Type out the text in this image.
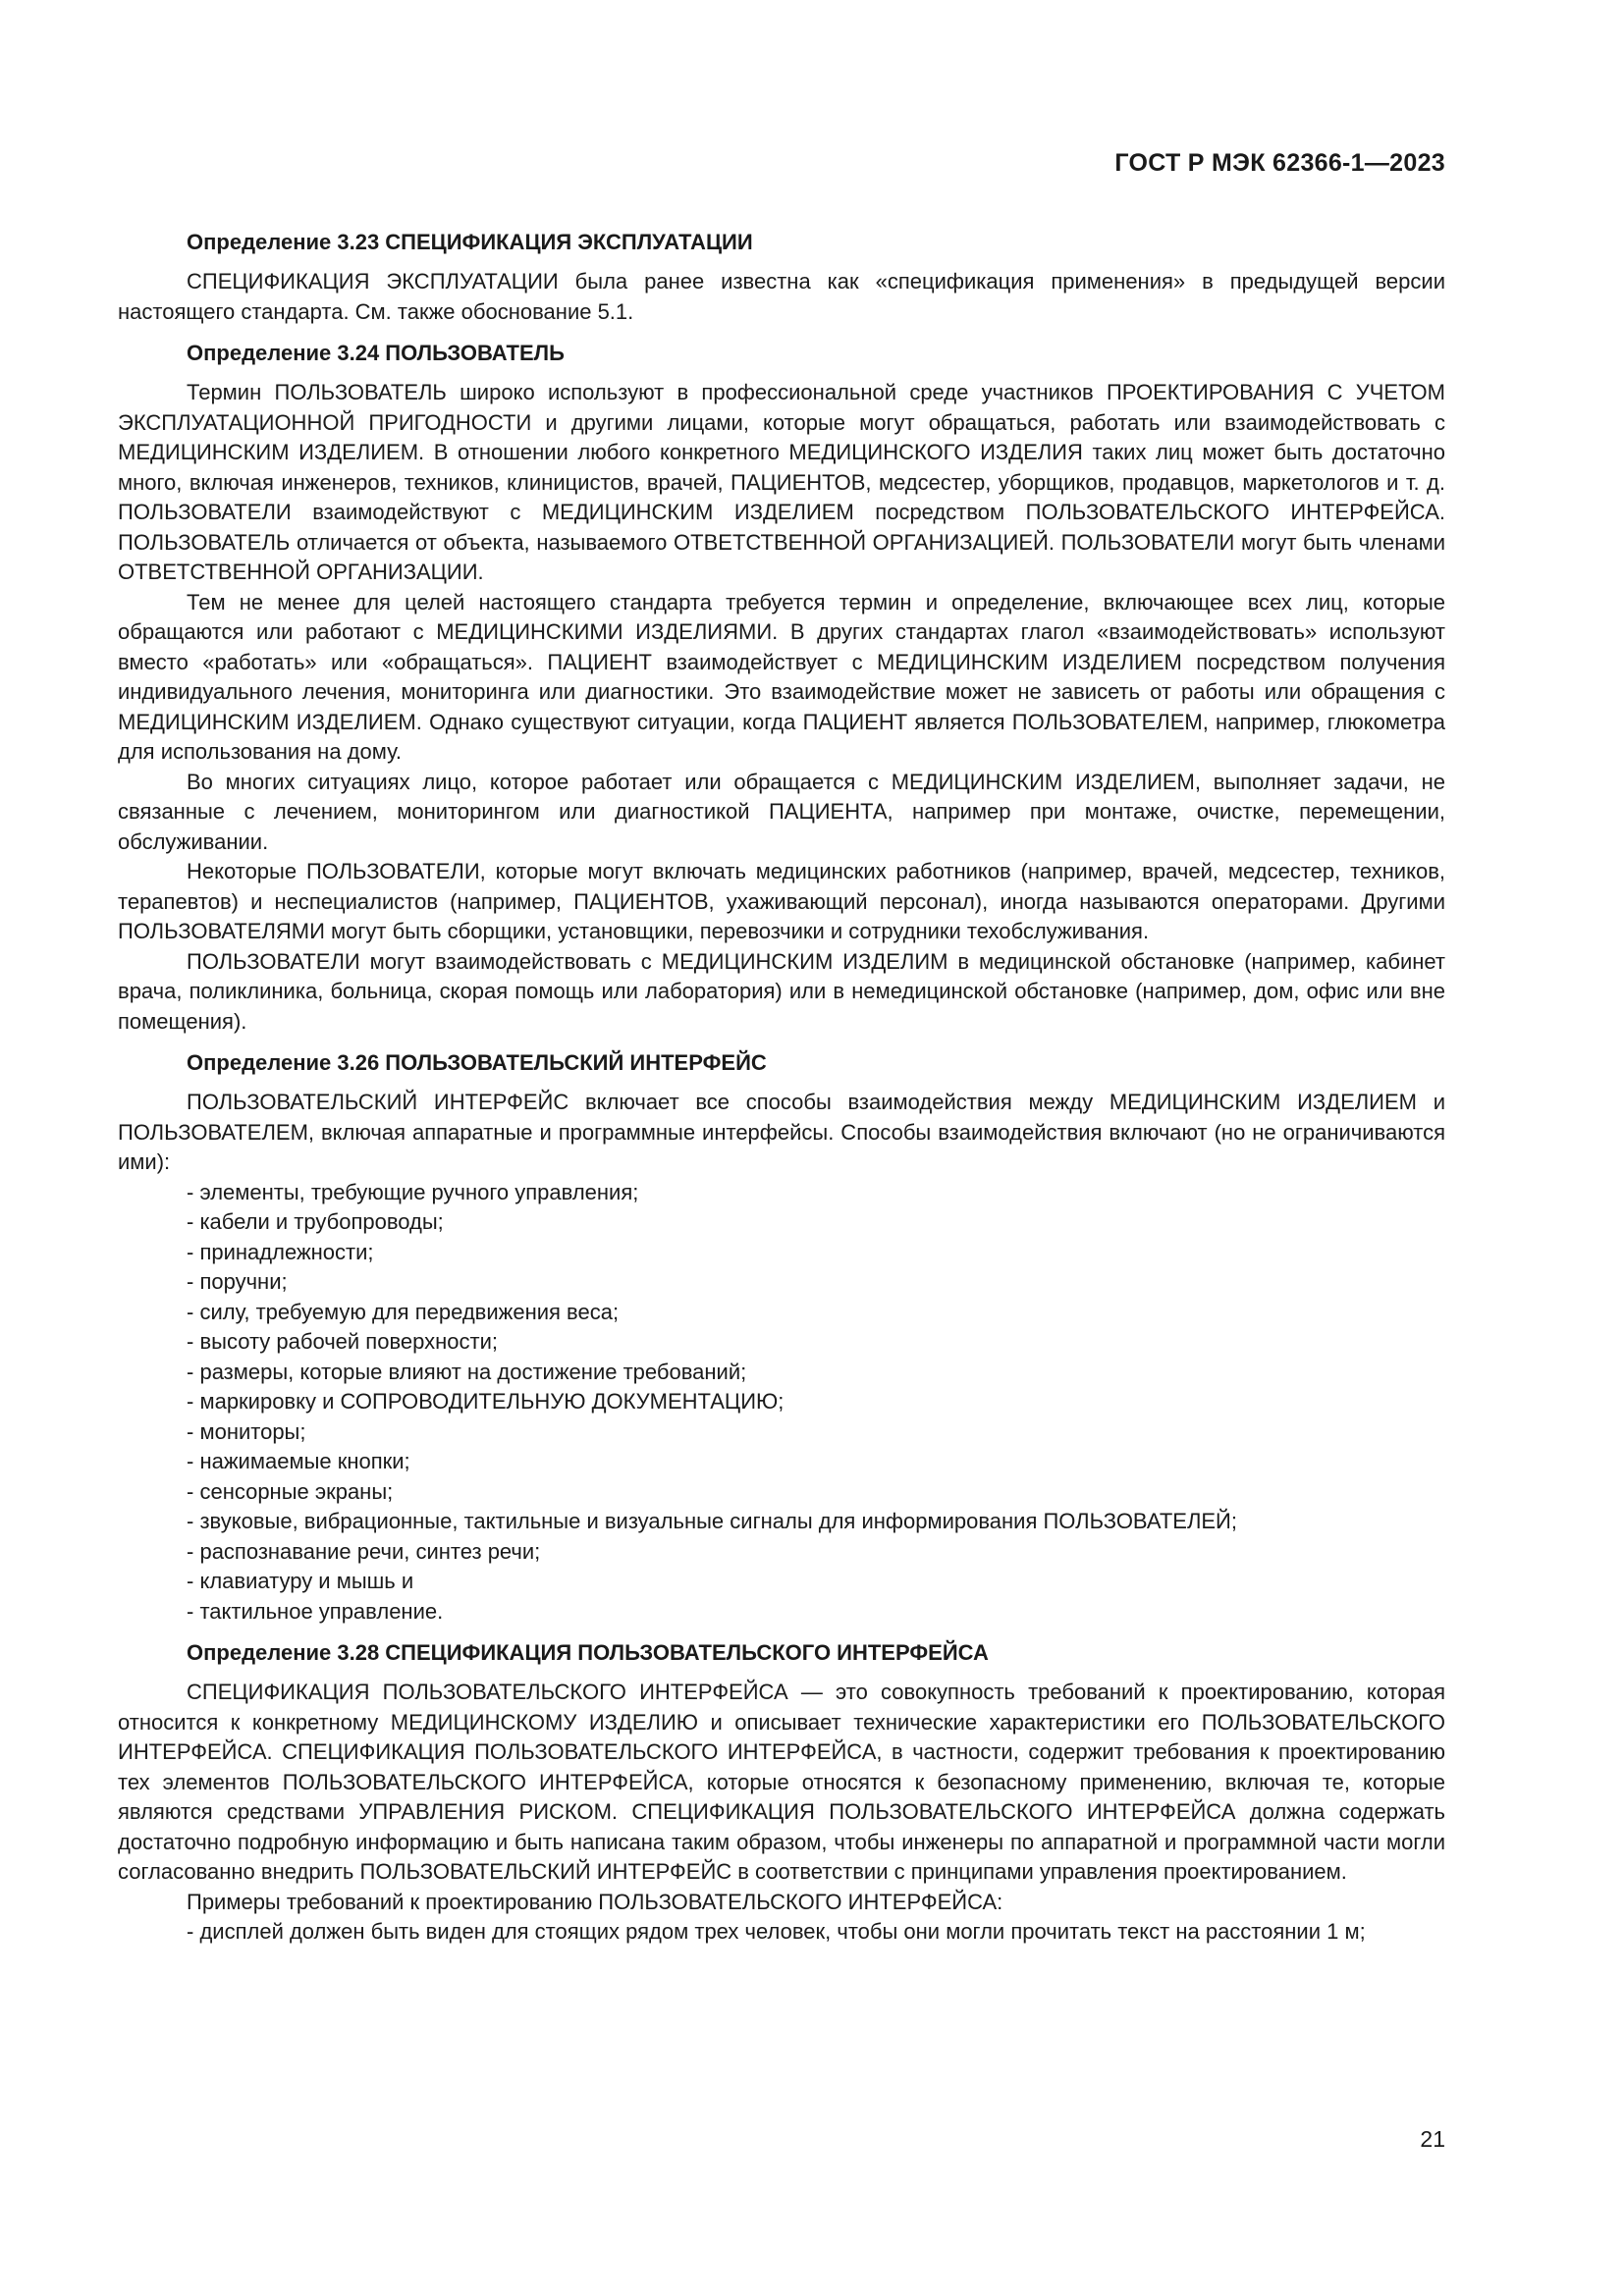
ГОСТ Р МЭК 62366-1—2023
Определение 3.23 СПЕЦИФИКАЦИЯ ЭКСПЛУАТАЦИИ

СПЕЦИФИКАЦИЯ ЭКСПЛУАТАЦИИ была ранее известна как «спецификация применения» в предыдущей версии настоящего стандарта. См. также обоснование 5.1.

Определение 3.24 ПОЛЬЗОВАТЕЛЬ

Термин ПОЛЬЗОВАТЕЛЬ широко используют в профессиональной среде участников ПРОЕКТИРОВАНИЯ С УЧЕТОМ ЭКСПЛУАТАЦИОННОЙ ПРИГОДНОСТИ и другими лицами, которые могут обращаться, работать или взаимодействовать с МЕДИЦИНСКИМ ИЗДЕЛИЕМ. В отношении любого конкретного МЕДИЦИНСКОГО ИЗДЕЛИЯ таких лиц может быть достаточно много, включая инженеров, техников, клиницистов, врачей, ПАЦИЕНТОВ, медсестер, уборщиков, продавцов, маркетологов и т. д. ПОЛЬЗОВАТЕЛИ взаимодействуют с МЕДИЦИНСКИМ ИЗДЕЛИЕМ посредством ПОЛЬЗОВАТЕЛЬСКОГО ИНТЕРФЕЙСА. ПОЛЬЗОВАТЕЛЬ отличается от объекта, называемого ОТВЕТСТВЕННОЙ ОРГАНИЗАЦИЕЙ. ПОЛЬЗОВАТЕЛИ могут быть членами ОТВЕТСТВЕННОЙ ОРГАНИЗАЦИИ.

Тем не менее для целей настоящего стандарта требуется термин и определение, включающее всех лиц, которые обращаются или работают с МЕДИЦИНСКИМИ ИЗДЕЛИЯМИ. В других стандартах глагол «взаимодействовать» используют вместо «работать» или «обращаться». ПАЦИЕНТ взаимодействует с МЕДИЦИНСКИМ ИЗДЕЛИЕМ посредством получения индивидуального лечения, мониторинга или диагностики. Это взаимодействие может не зависеть от работы или обращения с МЕДИЦИНСКИМ ИЗДЕЛИЕМ. Однако существуют ситуации, когда ПАЦИЕНТ является ПОЛЬЗОВАТЕЛЕМ, например, глюкометра для использования на дому.

Во многих ситуациях лицо, которое работает или обращается с МЕДИЦИНСКИМ ИЗДЕЛИЕМ, выполняет задачи, не связанные с лечением, мониторингом или диагностикой ПАЦИЕНТА, например при монтаже, очистке, перемещении, обслуживании.

Некоторые ПОЛЬЗОВАТЕЛИ, которые могут включать медицинских работников (например, врачей, медсестер, техников, терапевтов) и неспециалистов (например, ПАЦИЕНТОВ, ухаживающий персонал), иногда называются операторами. Другими ПОЛЬЗОВАТЕЛЯМИ могут быть сборщики, установщики, перевозчики и сотрудники техобслуживания.

ПОЛЬЗОВАТЕЛИ могут взаимодействовать с МЕДИЦИНСКИМ ИЗДЕЛИМ в медицинской обстановке (например, кабинет врача, поликлиника, больница, скорая помощь или лаборатория) или в немедицинской обстановке (например, дом, офис или вне помещения).

Определение 3.26 ПОЛЬЗОВАТЕЛЬСКИЙ ИНТЕРФЕЙС

ПОЛЬЗОВАТЕЛЬСКИЙ ИНТЕРФЕЙС включает все способы взаимодействия между МЕДИЦИНСКИМ ИЗДЕЛИЕМ и ПОЛЬЗОВАТЕЛЕМ, включая аппаратные и программные интерфейсы. Способы взаимодействия включают (но не ограничиваются ими):

- элементы, требующие ручного управления;
- кабели и трубопроводы;
- принадлежности;
- поручни;
- силу, требуемую для передвижения веса;
- высоту рабочей поверхности;
- размеры, которые влияют на достижение требований;
- маркировку и СОПРОВОДИТЕЛЬНУЮ ДОКУМЕНТАЦИЮ;
- мониторы;
- нажимаемые кнопки;
- сенсорные экраны;
- звуковые, вибрационные, тактильные и визуальные сигналы для информирования ПОЛЬЗОВАТЕЛЕЙ;
- распознавание речи, синтез речи;
- клавиатуру и мышь и
- тактильное управление.
Определение 3.28 СПЕЦИФИКАЦИЯ ПОЛЬЗОВАТЕЛЬСКОГО ИНТЕРФЕЙСА

СПЕЦИФИКАЦИЯ ПОЛЬЗОВАТЕЛЬСКОГО ИНТЕРФЕЙСА — это совокупность требований к проектированию, которая относится к конкретному МЕДИЦИНСКОМУ ИЗДЕЛИЮ и описывает технические характеристики его ПОЛЬЗОВАТЕЛЬСКОГО ИНТЕРФЕЙСА. СПЕЦИФИКАЦИЯ ПОЛЬЗОВАТЕЛЬСКОГО ИНТЕРФЕЙСА, в частности, содержит требования к проектированию тех элементов ПОЛЬЗОВАТЕЛЬСКОГО ИНТЕРФЕЙСА, которые относятся к безопасному применению, включая те, которые являются средствами УПРАВЛЕНИЯ РИСКОМ. СПЕЦИФИКАЦИЯ ПОЛЬЗОВАТЕЛЬСКОГО ИНТЕРФЕЙСА должна содержать достаточно подробную информацию и быть написана таким образом, чтобы инженеры по аппаратной и программной части могли согласованно внедрить ПОЛЬЗОВАТЕЛЬСКИЙ ИНТЕРФЕЙС в соответствии с принципами управления проектированием.

Примеры требований к проектированию ПОЛЬЗОВАТЕЛЬСКОГО ИНТЕРФЕЙСА:

- дисплей должен быть виден для стоящих рядом трех человек, чтобы они могли прочитать текст на расстоянии 1 м;

21
